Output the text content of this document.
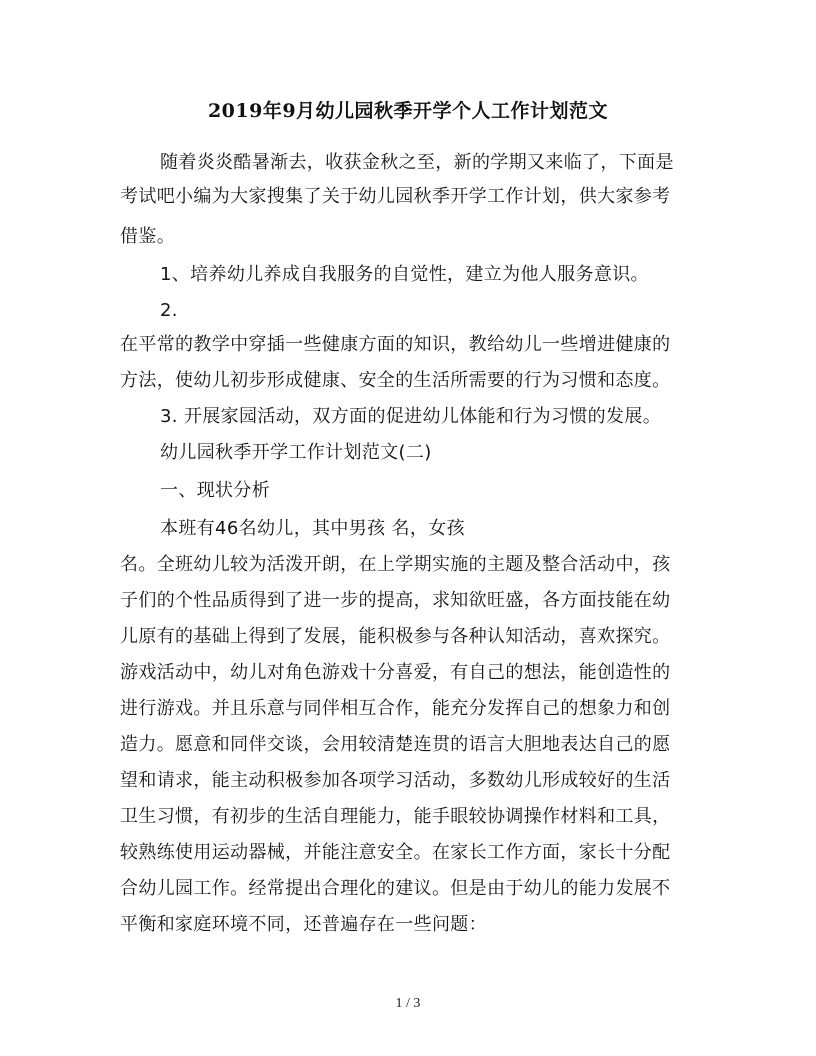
2019年9月幼儿园秋季开学个人工作计划范文
随着炎炎酷暑渐去，收获金秋之至，新的学期又来临了，下面是
考试吧小编为大家搜集了关于幼儿园秋季开学工作计划，供大家参考
借鉴。
1、培养幼儿养成自我服务的自觉性，建立为他人服务意识。
2.
在平常的教学中穿插一些健康方面的知识，教给幼儿一些增进健康的
方法，使幼儿初步形成健康、安全的生活所需要的行为习惯和态度。
3. 开展家园活动，双方面的促进幼儿体能和行为习惯的发展。
幼儿园秋季开学工作计划范文(二)
一、现状分析
本班有46名幼儿，其中男孩 名，女孩
名。全班幼儿较为活泼开朗，在上学期实施的主题及整合活动中，孩
子们的个性品质得到了进一步的提高，求知欲旺盛，各方面技能在幼
儿原有的基础上得到了发展，能积极参与各种认知活动，喜欢探究。
游戏活动中，幼儿对角色游戏十分喜爱，有自己的想法，能创造性的
进行游戏。并且乐意与同伴相互合作，能充分发挥自己的想象力和创
造力。愿意和同伴交谈，会用较清楚连贯的语言大胆地表达自己的愿
望和请求，能主动积极参加各项学习活动，多数幼儿形成较好的生活
卫生习惯，有初步的生活自理能力，能手眼较协调操作材料和工具，
较熟练使用运动器械，并能注意安全。在家长工作方面，家长十分配
合幼儿园工作。经常提出合理化的建议。但是由于幼儿的能力发展不
平衡和家庭环境不同，还普遍存在一些问题：
1 / 3
